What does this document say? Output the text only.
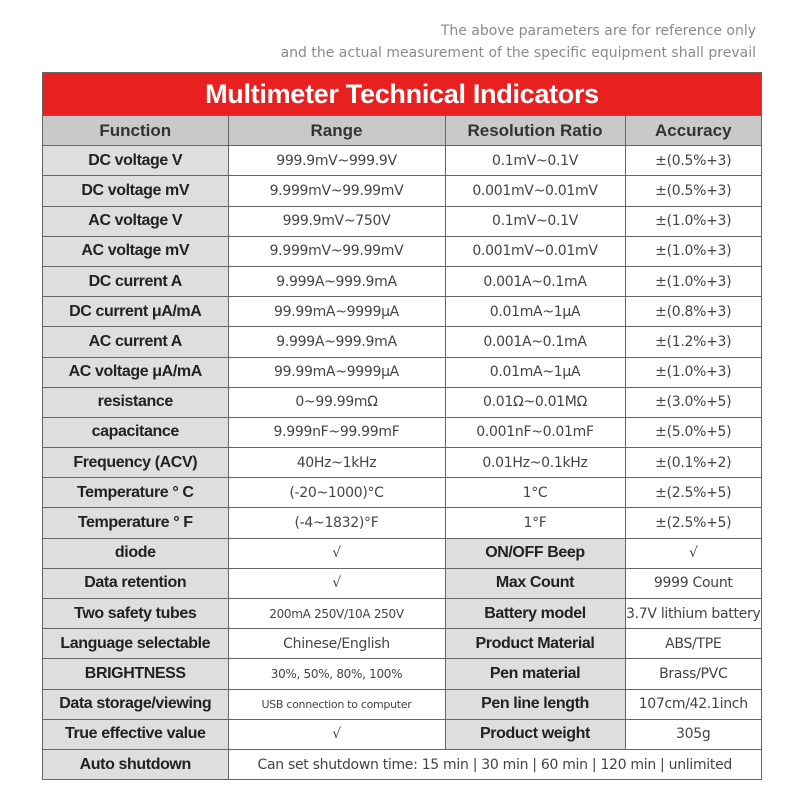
The above parameters are for reference only
and the actual measurement of the specific equipment shall prevail
Multimeter Technical Indicators
Function	Range	Resolution Ratio	Accuracy
DC voltage V	999.9mV~999.9V	0.1mV~0.1V	±(0.5%+3)
DC voltage mV	9.999mV~99.99mV	0.001mV~0.01mV	±(0.5%+3)
AC voltage V	999.9mV~750V	0.1mV~0.1V	±(1.0%+3)
AC voltage mV	9.999mV~99.99mV	0.001mV~0.01mV	±(1.0%+3)
DC current A	9.999A~999.9mA	0.001A~0.1mA	±(1.0%+3)
DC current μA/mA	99.99mA~9999μA	0.01mA~1μA	±(0.8%+3)
AC current A	9.999A~999.9mA	0.001A~0.1mA	±(1.2%+3)
AC voltage μA/mA	99.99mA~9999μA	0.01mA~1μA	±(1.0%+3)
resistance	0~99.99mΩ	0.01Ω~0.01MΩ	±(3.0%+5)
capacitance	9.999nF~99.99mF	0.001nF~0.01mF	±(5.0%+5)
Frequency (ACV)	40Hz~1kHz	0.01Hz~0.1kHz	±(0.1%+2)
Temperature ° C	(-20~1000)°C	1°C	±(2.5%+5)
Temperature ° F	(-4~1832)°F	1°F	±(2.5%+5)
diode	√	ON/OFF Beep	√
Data retention	√	Max Count	9999 Count
Two safety tubes	200mA 250V/10A 250V	Battery model	3.7V lithium battery
Language selectable	Chinese/English	Product Material	ABS/TPE
BRIGHTNESS	30%, 50%, 80%, 100%	Pen material	Brass/PVC
Data storage/viewing	USB connection to computer	Pen line length	107cm/42.1inch
True effective value	√	Product weight	305g
Auto shutdown	Can set shutdown time: 15 min | 30 min | 60 min | 120 min | unlimited		
